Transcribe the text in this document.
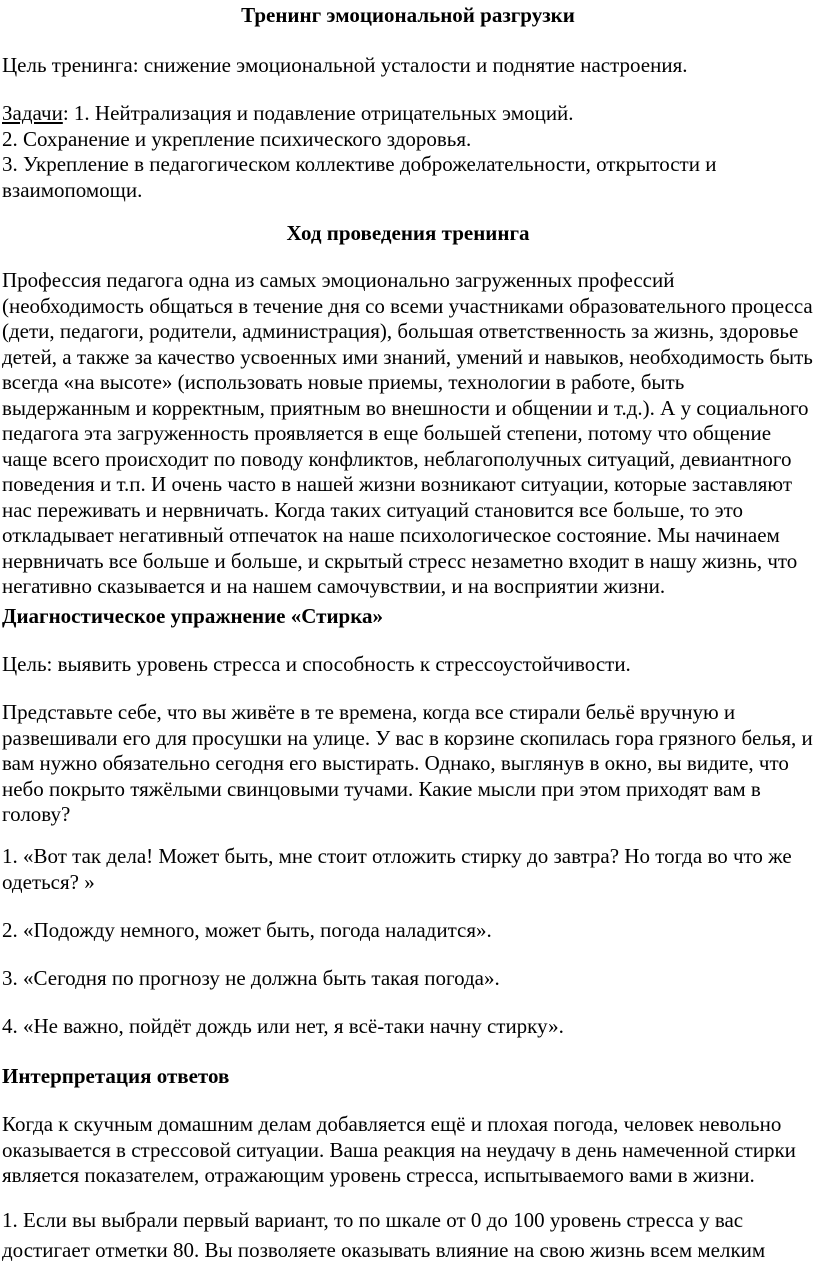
Тренинг эмоциональной разгрузки
Цель тренинга: снижение эмоциональной усталости и поднятие настроения.
Задачи: 1. Нейтрализация и подавление отрицательных эмоций.
2. Сохранение и укрепление психического здоровья.
3. Укрепление в педагогическом коллективе доброжелательности, открытости и
взаимопомощи.
Ход проведения тренинга
Профессия педагога одна из самых эмоционально загруженных профессий
(необходимость общаться в течение дня со всеми участниками образовательного процесса
(дети, педагоги, родители, администрация), большая ответственность за жизнь, здоровье
детей, а также за качество усвоенных ими знаний, умений и навыков, необходимость быть
всегда «на высоте» (использовать новые приемы, технологии в работе, быть
выдержанным и корректным, приятным во внешности и общении и т.д.). А у социального
педагога эта загруженность проявляется в еще большей степени, потому что общение
чаще всего происходит по поводу конфликтов, неблагополучных ситуаций, девиантного
поведения и т.п. И очень часто в нашей жизни возникают ситуации, которые заставляют
нас переживать и нервничать. Когда таких ситуаций становится все больше, то это
откладывает негативный отпечаток на наше психологическое состояние. Мы начинаем
нервничать все больше и больше, и скрытый стресс незаметно входит в нашу жизнь, что
негативно сказывается и на нашем самочувствии, и на восприятии жизни.
Диагностическое упражнение «Стирка»
Цель: выявить уровень стресса и способность к стрессоустойчивости.
Представьте себе, что вы живёте в те времена, когда все стирали бельё вручную и
развешивали его для просушки на улице. У вас в корзине скопилась гора грязного белья, и
вам нужно обязательно сегодня его выстирать. Однако, выглянув в окно, вы видите, что
небо покрыто тяжёлыми свинцовыми тучами. Какие мысли при этом приходят вам в
голову?
1. «Вот так дела! Может быть, мне стоит отложить стирку до завтра? Но тогда во что же
одеться? »
2. «Подожду немного, может быть, погода наладится».
3. «Сегодня по прогнозу не должна быть такая погода».
4. «Не важно, пойдёт дождь или нет, я всё-таки начну стирку».
Интерпретация ответов
Когда к скучным домашним делам добавляется ещё и плохая погода, человек невольно
оказывается в стрессовой ситуации. Ваша реакция на неудачу в день намеченной стирки
является показателем, отражающим уровень стресса, испытываемого вами в жизни.
1. Если вы выбрали первый вариант, то по шкале от 0 до 100 уровень стресса у вас
достигает отметки 80. Вы позволяете оказывать влияние на свою жизнь всем мелким
